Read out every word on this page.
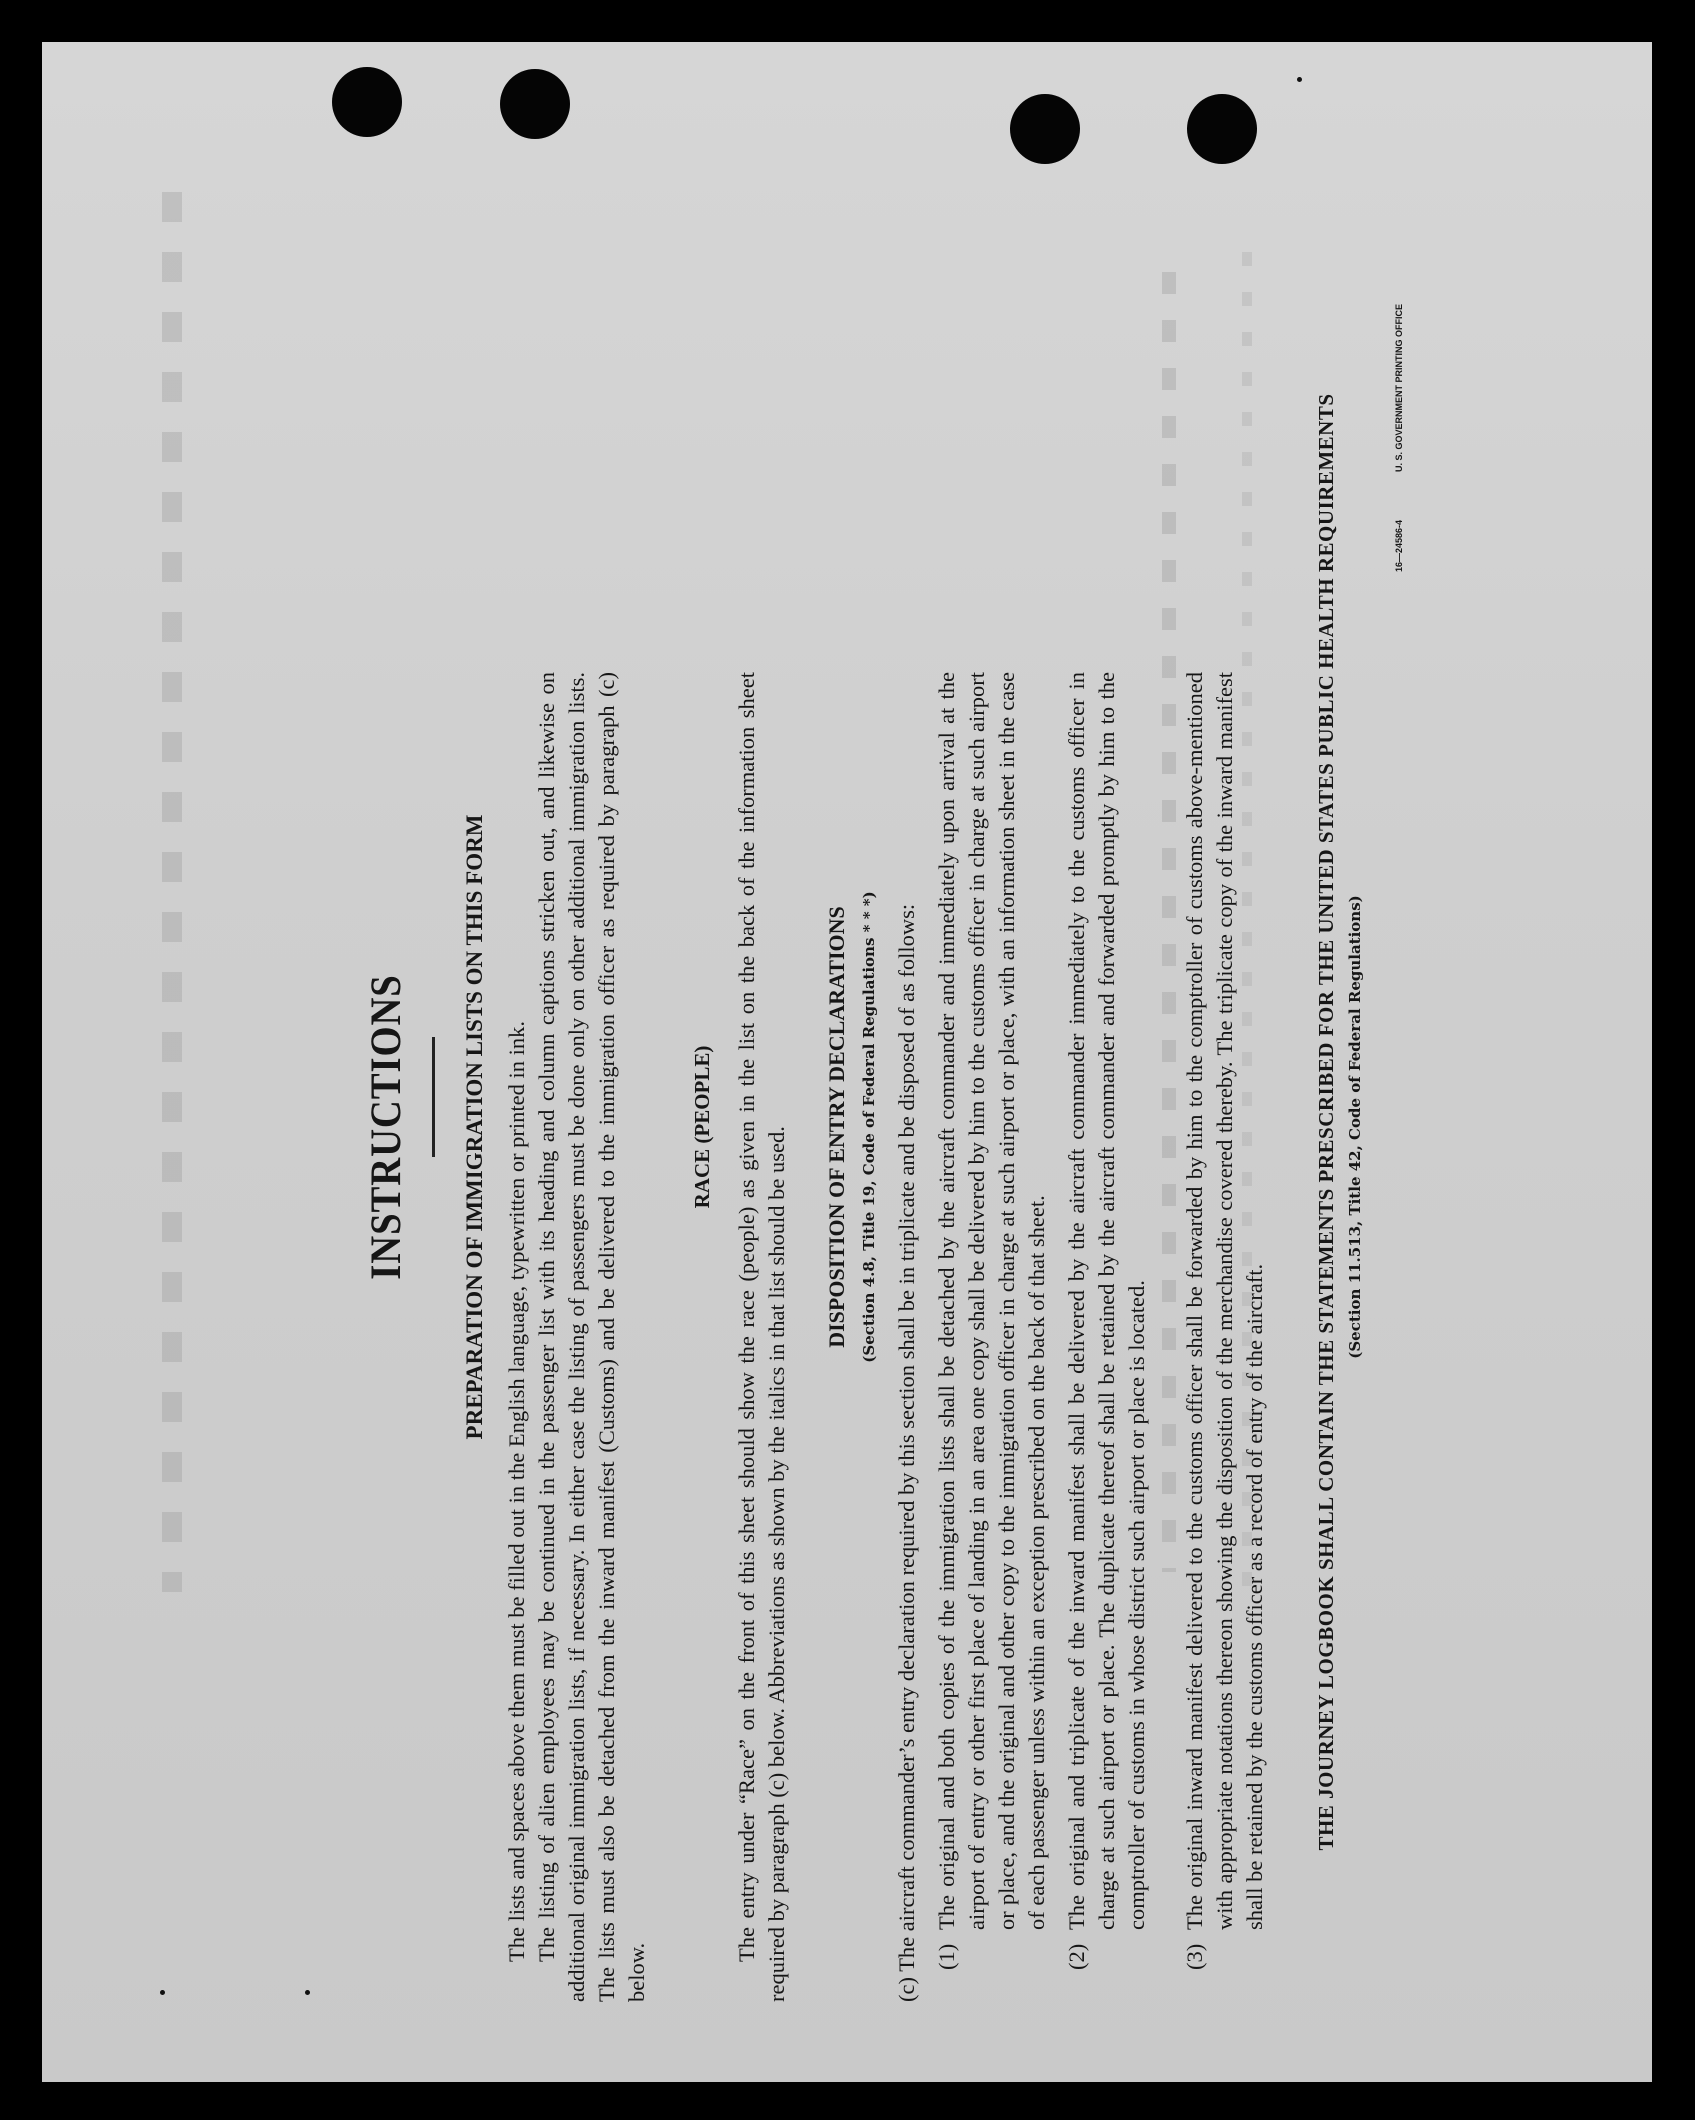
INSTRUCTIONS PREPARATION OF IMMIGRATION LISTS ON THIS FORM The lists and spaces above them must be filled out in the English language, typewritten or printed in ink. The listing of alien employees may be continued in the passenger list with its heading and column captions stricken out, and likewise on additional original immigration lists, if necessary. In either case the listing of passengers must be done only on other additional immigration lists. The lists must also be detached from the inward manifest (Customs) and be delivered to the immigration officer as required by paragraph (c) below.
RACE (PEOPLE) The entry under “Race” on the front of this sheet should show the race (people) as given in the list on the back of the information sheet required by paragraph (c) below. Abbreviations as shown by the italics in that list should be used. DISPOSITION OF ENTRY DECLARATIONS (Section 4.8, Title 19, Code of Federal Regulations * * *) (c) The aircraft commander’s entry declaration required by this section shall be in triplicate and be disposed of as follows: (1)
The original and both copies of the immigration lists shall be detached by the aircraft commander and immediately upon arrival at the airport of entry or other first place of landing in an area one copy shall be delivered by him to the customs officer in charge at such airport or place, and the original and other copy to the immigration officer in charge at such airport or place, with an information sheet in the case of each passenger unless within an exception prescribed on the back of that sheet.
(2)
The original and triplicate of the inward manifest shall be delivered by the aircraft commander immediately to the customs officer in charge at such airport or place. The duplicate thereof shall be retained by the aircraft commander and forwarded promptly by him to the comptroller of customs in whose district such airport or place is located.
(3)
The original inward manifest delivered to the customs officer shall be forwarded by him to the comptroller of customs above-mentioned with appropriate notations thereon showing the disposition of the merchandise covered thereby. The triplicate copy of the inward manifest shall be retained by the customs officer as a record of entry of the aircraft. THE JOURNEY LOGBOOK SHALL CONTAIN THE STATEMENTS PRESCRIBED FOR THE UNITED STATES PUBLIC HEALTH REQUIREMENTS (Section 11.513, Title 42, Code of Federal Regulations)
16—24586-4
U. S. GOVERNMENT PRINTING OFFICE
